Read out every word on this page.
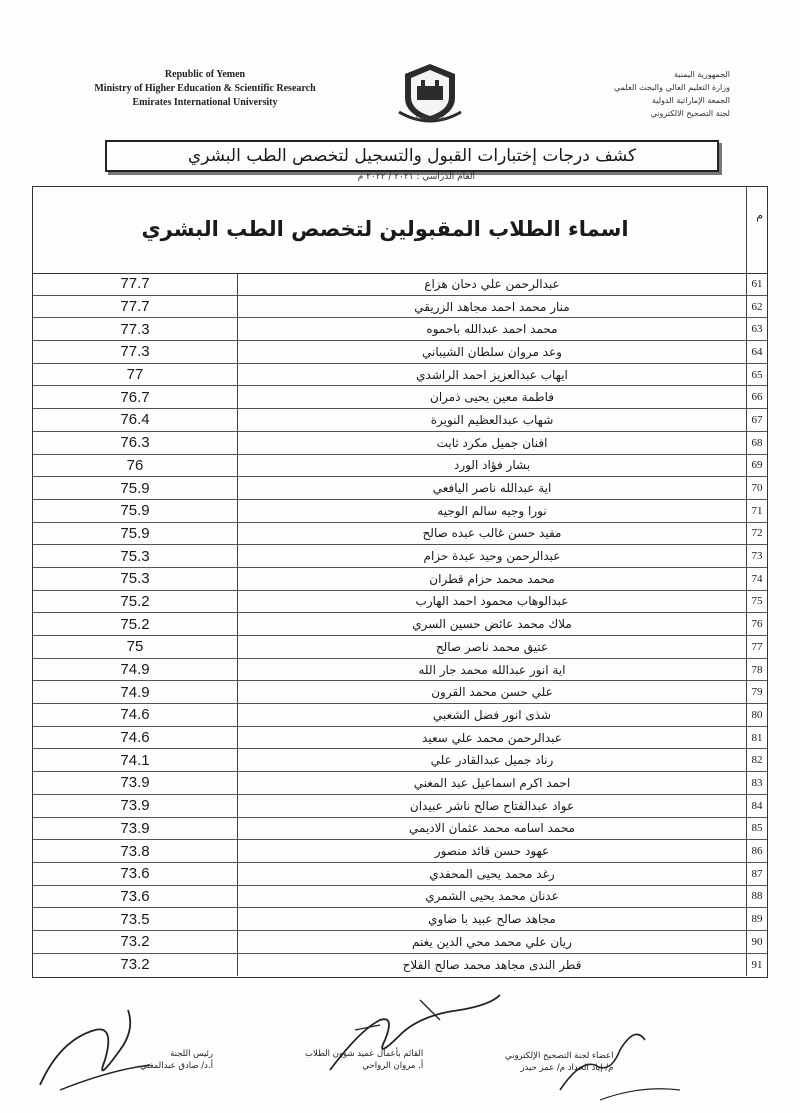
Republic of Yemen
Ministry of Higher Education & Scientific Research
Emirates International University
EMIRATES
الجمهورية اليمنية
وزارة التعليم العالي والبحث العلمي
الجمعة الإماراتية الدولية
لجنة التصحيح الالكتروني
كشف درجات إختبارات القبول والتسجيل لتخصص الطب البشري
العام الدراسي : ٢٠٢١ / ٢٠٢٢ م
م
اسماء الطلاب المقبولين لتخصص الطب البشري
77.7	عبدالرحمن علي دحان هزاع	61
77.7	منار محمد احمد مجاهد الزريقي	62
77.3	محمد احمد عبدالله باحموه	63
77.3	وعد مروان سلطان الشيباني	64
77	ايهاب عبدالعزيز احمد الراشدي	65
76.7	فاطمة معين يحيى ذمران	66
76.4	شهاب عبدالعظيم النويرة	67
76.3	افنان جميل مكرد ثابت	68
76	بشار فؤاد الورد	69
75.9	اية عبدالله ناصر اليافعي	70
75.9	نورا وجيه سالم الوجيه	71
75.9	مفيد حسن غالب عبده صالح	72
75.3	عبدالرحمن وحيد عبدة حزام	73
75.3	محمد محمد حزام قطران	74
75.2	عبدالوهاب محمود احمد الهارب	75
75.2	ملاك محمد عائض حسين السري	76
75	عتيق محمد ناصر صالح	77
74.9	اية انور عبدالله محمد جار الله	78
74.9	علي حسن محمد القرون	79
74.6	شذى انور فضل الشعبي	80
74.6	عبدالرحمن محمد علي سعيد	81
74.1	رناد جميل عبدالقادر علي	82
73.9	احمد اكرم اسماعيل عبد المغني	83
73.9	عواد عبدالفتاح صالح ناشر عبيدان	84
73.9	محمد اسامه محمد عثمان الاديمي	85
73.8	عهود حسن قائد منصور	86
73.6	رغد محمد يحيى المحفدي	87
73.6	عدنان محمد يحيى الشمري	88
73.5	مجاهد صالح عبيد با ضاوي	89
73.2	ريان علي محمد محي الدين يغنم	90
73.2	قطر الندى مجاهد محمد صالح الفلاح	91
رئيس اللجنة
أ.د/ صادق عبدالمغني
القائم بأعمال عميد شؤون الطلاب
أ. مروان الرواحي
اعضاء لجنة التصحيح الإلكتروني
م/ إياد الحداد م/ عمر حيدر
